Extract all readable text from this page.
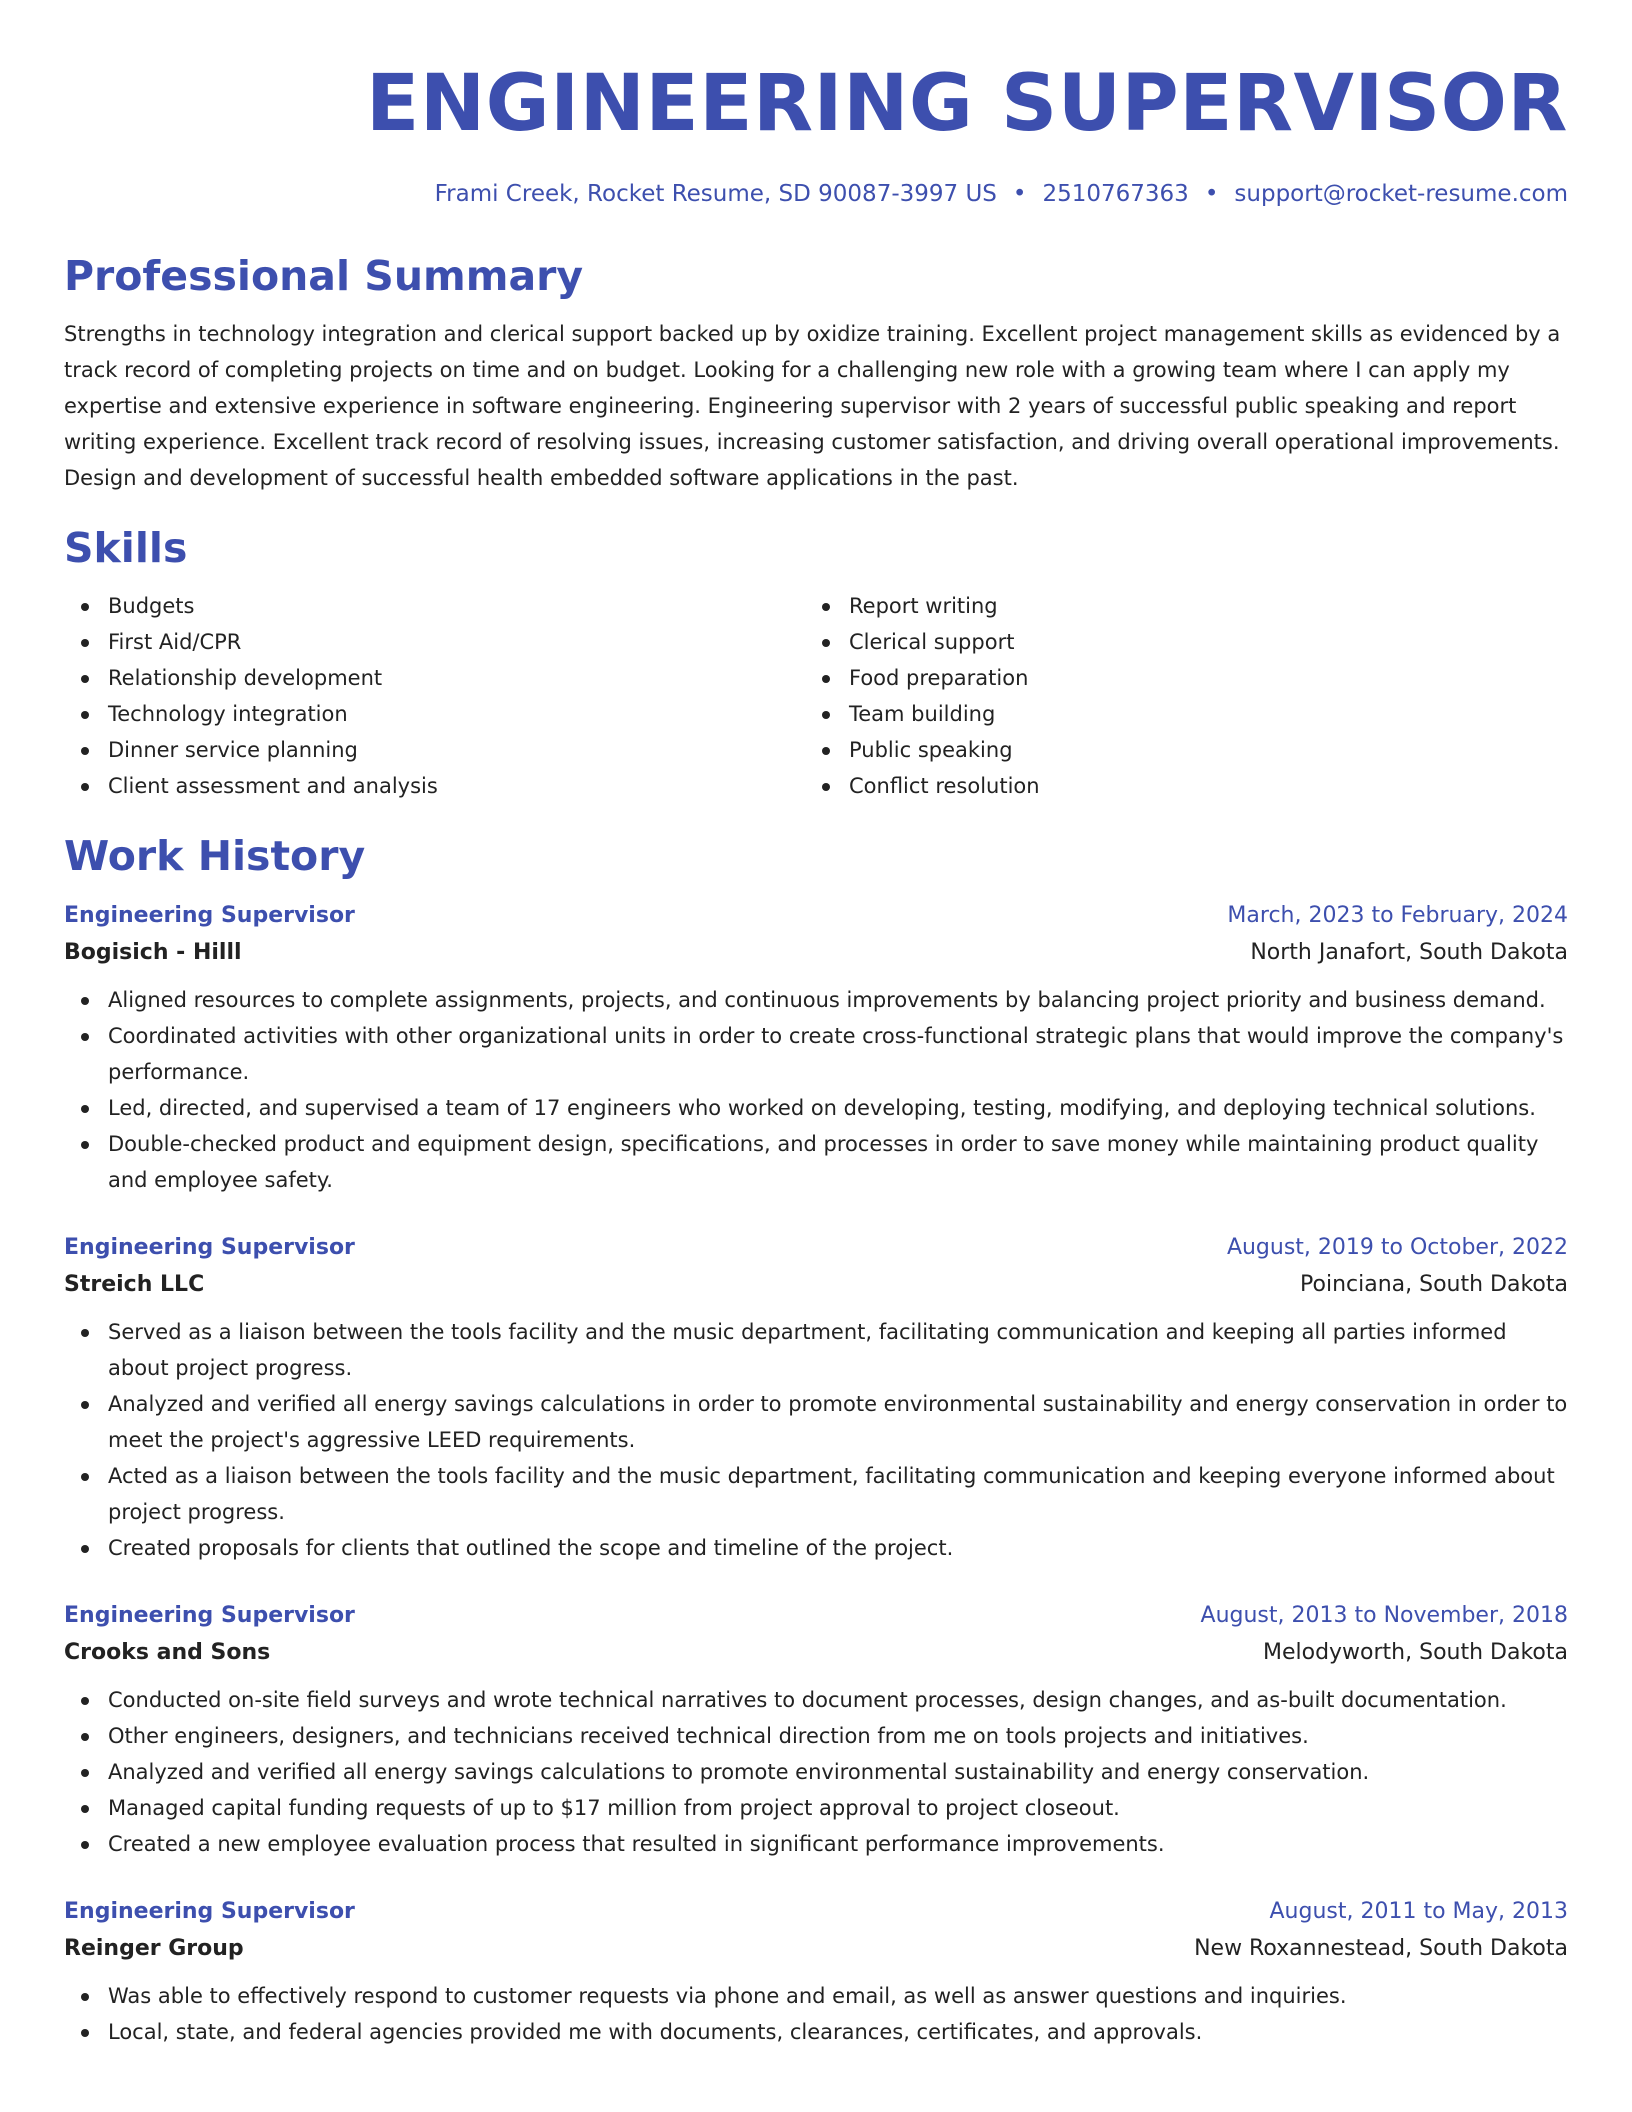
ENGINEERING SUPERVISOR
Frami Creek, Rocket Resume, SD 90087-3997 US • 2510767363 • support@rocket-resume.com
Professional Summary
Strengths in technology integration and clerical support backed up by oxidize training. Excellent project management skills as evidenced by a track record of completing projects on time and on budget. Looking for a challenging new role with a growing team where I can apply my expertise and extensive experience in software engineering. Engineering supervisor with 2 years of successful public speaking and report writing experience. Excellent track record of resolving issues, increasing customer satisfaction, and driving overall operational improvements. Design and development of successful health embedded software applications in the past.
Skills
Budgets
First Aid/CPR
Relationship development
Technology integration
Dinner service planning
Client assessment and analysis
Report writing
Clerical support
Food preparation
Team building
Public speaking
Conflict resolution
Work History
Engineering Supervisor	March, 2023 to February, 2024
Bogisich - Hilll	North Janafort, South Dakota
Aligned resources to complete assignments, projects, and continuous improvements by balancing project priority and business demand.
Coordinated activities with other organizational units in order to create cross-functional strategic plans that would improve the company's performance.
Led, directed, and supervised a team of 17 engineers who worked on developing, testing, modifying, and deploying technical solutions.
Double-checked product and equipment design, specifications, and processes in order to save money while maintaining product quality and employee safety.
Engineering Supervisor	August, 2019 to October, 2022
Streich LLC	Poinciana, South Dakota
Served as a liaison between the tools facility and the music department, facilitating communication and keeping all parties informed about project progress.
Analyzed and verified all energy savings calculations in order to promote environmental sustainability and energy conservation in order to meet the project's aggressive LEED requirements.
Acted as a liaison between the tools facility and the music department, facilitating communication and keeping everyone informed about project progress.
Created proposals for clients that outlined the scope and timeline of the project.
Engineering Supervisor	August, 2013 to November, 2018
Crooks and Sons	Melodyworth, South Dakota
Conducted on-site field surveys and wrote technical narratives to document processes, design changes, and as-built documentation.
Other engineers, designers, and technicians received technical direction from me on tools projects and initiatives.
Analyzed and verified all energy savings calculations to promote environmental sustainability and energy conservation.
Managed capital funding requests of up to $17 million from project approval to project closeout.
Created a new employee evaluation process that resulted in significant performance improvements.
Engineering Supervisor	August, 2011 to May, 2013
Reinger Group	New Roxannestead, South Dakota
Was able to effectively respond to customer requests via phone and email, as well as answer questions and inquiries.
Local, state, and federal agencies provided me with documents, clearances, certificates, and approvals.
